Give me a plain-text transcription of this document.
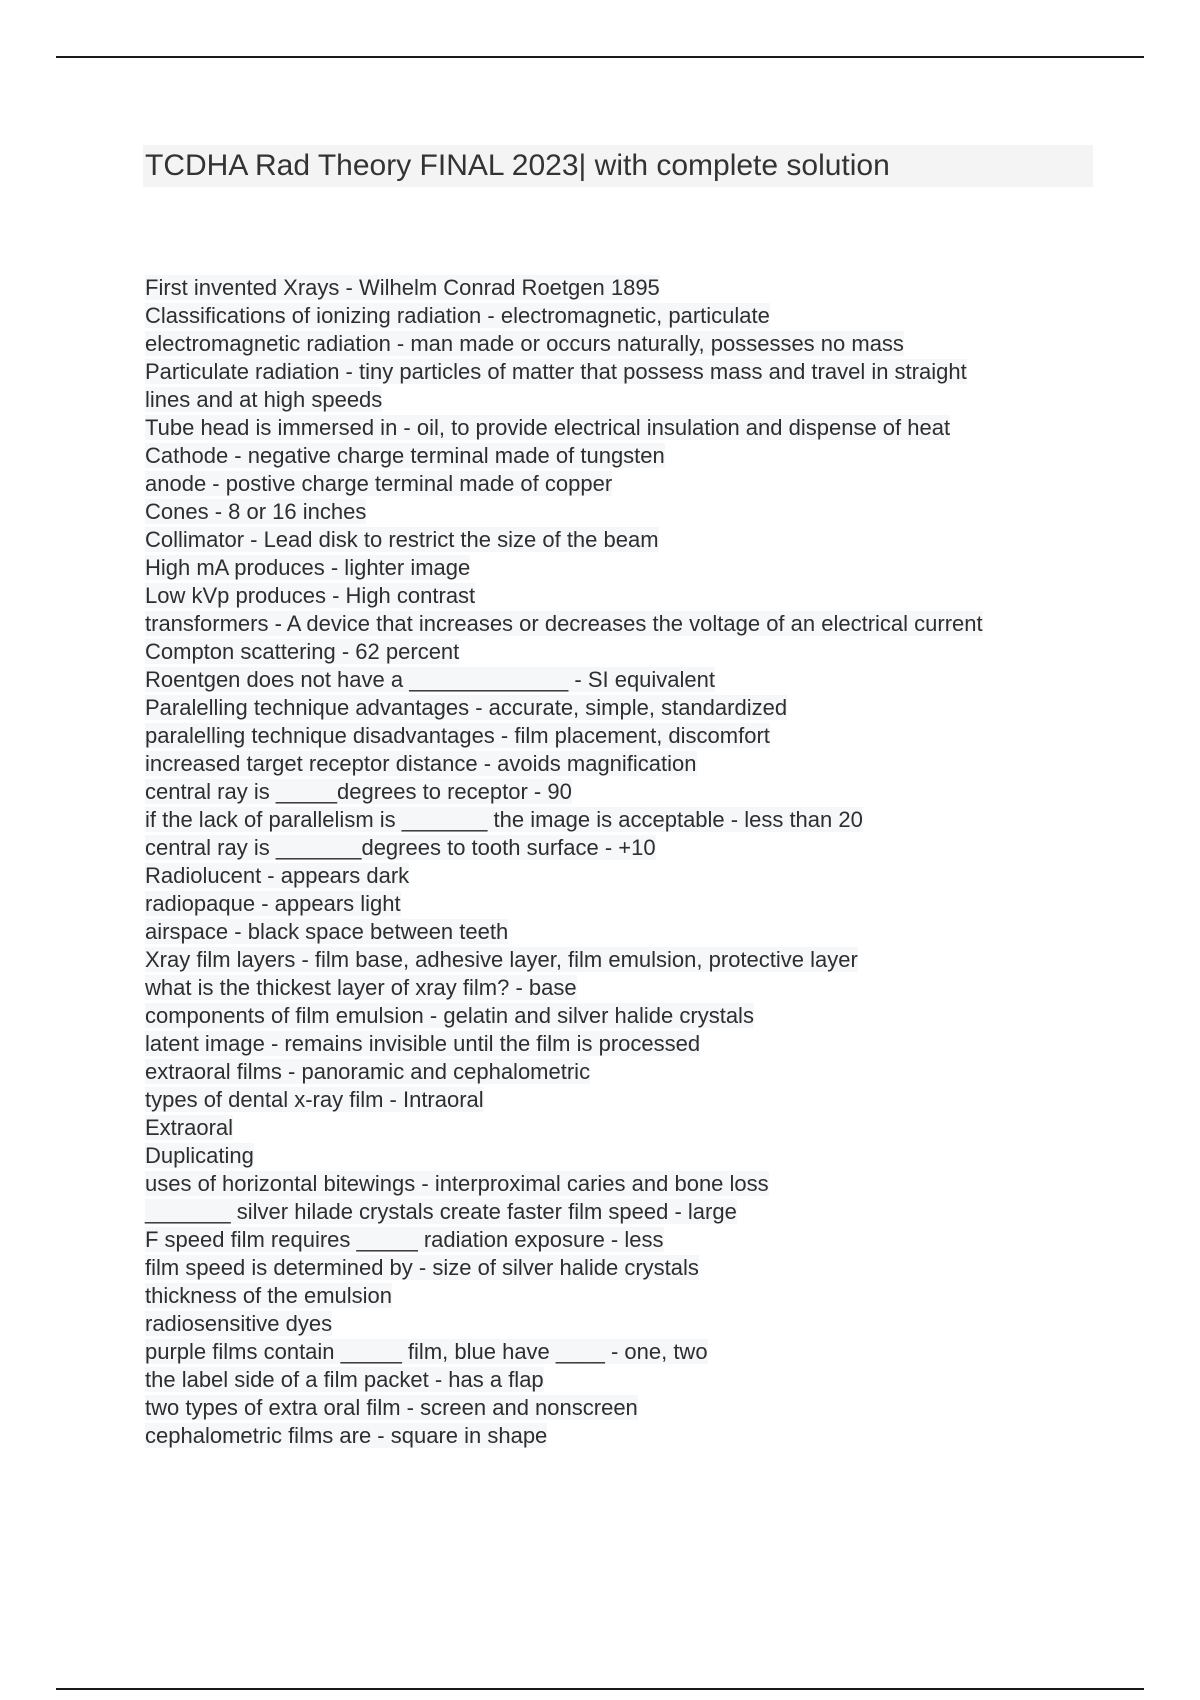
TCDHA Rad Theory FINAL 2023| with complete solution
First invented Xrays - Wilhelm Conrad Roetgen 1895
Classifications of ionizing radiation - electromagnetic, particulate
electromagnetic radiation - man made or occurs naturally, possesses no mass
Particulate radiation - tiny particles of matter that possess mass and travel in straight
lines and at high speeds
Tube head is immersed in - oil, to provide electrical insulation and dispense of heat
Cathode - negative charge terminal made of tungsten
anode - postive charge terminal made of copper
Cones - 8 or 16 inches
Collimator - Lead disk to restrict the size of the beam
High mA produces - lighter image
Low kVp produces - High contrast
transformers - A device that increases or decreases the voltage of an electrical current
Compton scattering - 62 percent
Roentgen does not have a _____________ - SI equivalent
Paralelling technique advantages - accurate, simple, standardized
paralelling technique disadvantages - film placement, discomfort
increased target receptor distance - avoids magnification
central ray is _____degrees to receptor - 90
if the lack of parallelism is _______ the image is acceptable - less than 20
central ray is _______degrees to tooth surface - +10
Radiolucent - appears dark
radiopaque - appears light
airspace - black space between teeth
Xray film layers - film base, adhesive layer, film emulsion, protective layer
what is the thickest layer of xray film? - base
components of film emulsion - gelatin and silver halide crystals
latent image - remains invisible until the film is processed
extraoral films - panoramic and cephalometric
types of dental x-ray film - Intraoral
Extraoral
Duplicating
uses of horizontal bitewings - interproximal caries and bone loss
_______ silver hilade crystals create faster film speed - large
F speed film requires _____ radiation exposure - less
film speed is determined by - size of silver halide crystals
thickness of the emulsion
radiosensitive dyes
purple films contain _____ film, blue have ____ - one, two
the label side of a film packet - has a flap
two types of extra oral film - screen and nonscreen
cephalometric films are - square in shape
